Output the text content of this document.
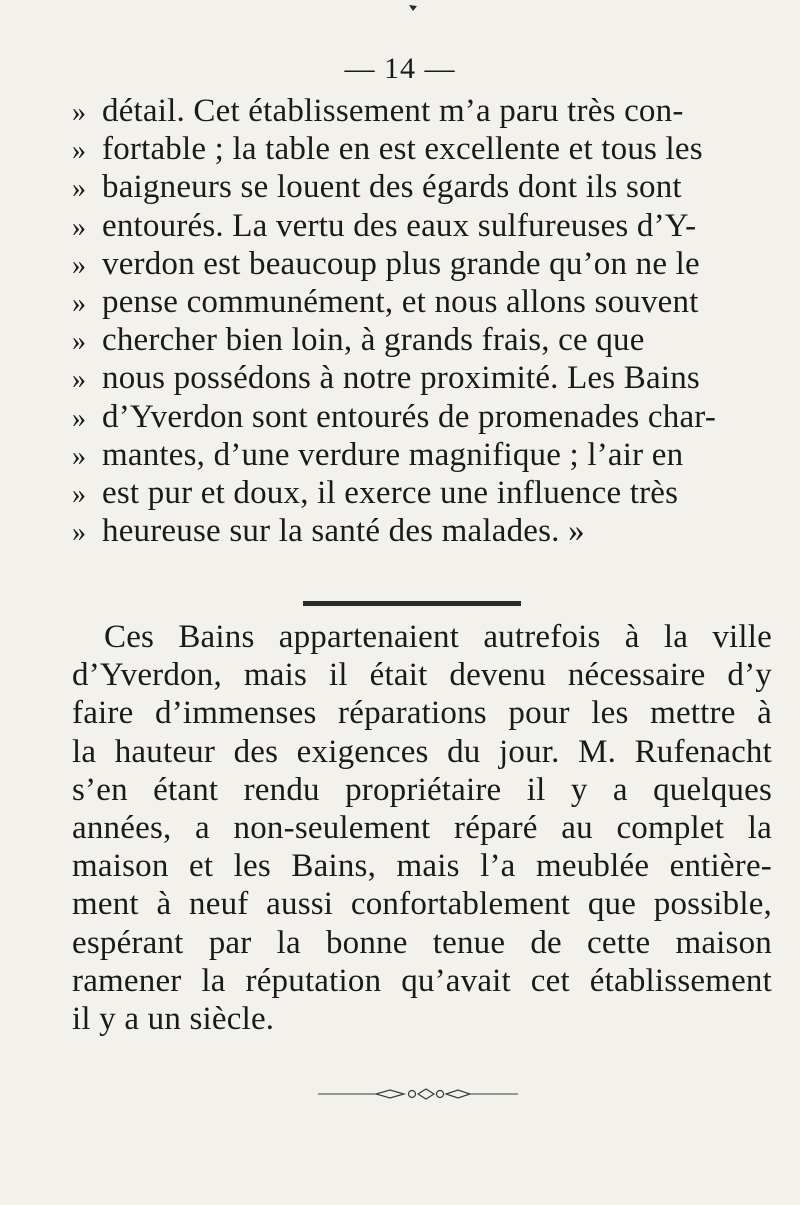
— 14 —
» détail. Cet établissement m’a paru très con-
» fortable ; la table en est excellente et tous les
» baigneurs se louent des égards dont ils sont
» entourés. La vertu des eaux sulfureuses d’Y-
» verdon est beaucoup plus grande qu’on ne le
» pense communément, et nous allons souvent
» chercher bien loin, à grands frais, ce que
» nous possédons à notre proximité. Les Bains
» d’Yverdon sont entourés de promenades char-
» mantes, d’une verdure magnifique ; l’air en
» est pur et doux, il exerce une influence très
» heureuse sur la santé des malades. »
Ces Bains appartenaient autrefois à la ville
d’Yverdon, mais il était devenu nécessaire d’y
faire d’immenses réparations pour les mettre à
la hauteur des exigences du jour. M. Rufenacht
s’en étant rendu propriétaire il y a quelques
années, a non-seulement réparé au complet la
maison et les Bains, mais l’a meublée entière-
ment à neuf aussi confortablement que possible,
espérant par la bonne tenue de cette maison
ramener la réputation qu’avait cet établissement
il y a un siècle.
